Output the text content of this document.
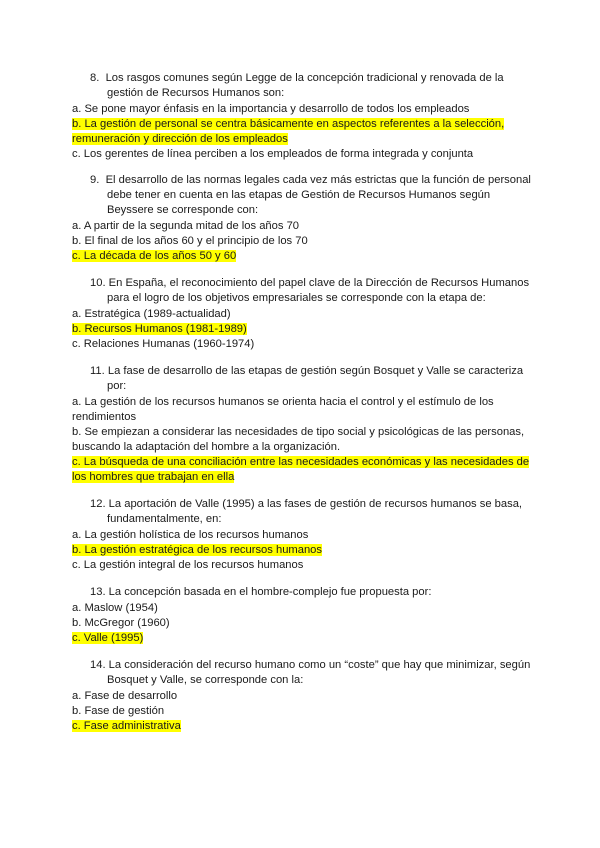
8. Los rasgos comunes según Legge de la concepción tradicional y renovada de la gestión de Recursos Humanos son:
a. Se pone mayor énfasis en la importancia y desarrollo de todos los empleados
b. La gestión de personal se centra básicamente en aspectos referentes a la selección, remuneración y dirección de los empleados
c. Los gerentes de línea perciben a los empleados de forma integrada y conjunta
9. El desarrollo de las normas legales cada vez más estrictas que la función de personal debe tener en cuenta en las etapas de Gestión de Recursos Humanos según Beyssere se corresponde con:
a. A partir de la segunda mitad de los años 70
b. El final de los años 60 y el principio de los 70
c. La década de los años 50 y 60
10. En España, el reconocimiento del papel clave de la Dirección de Recursos Humanos para el logro de los objetivos empresariales se corresponde con la etapa de:
a. Estratégica (1989-actualidad)
b. Recursos Humanos (1981-1989)
c. Relaciones Humanas (1960-1974)
11. La fase de desarrollo de las etapas de gestión según Bosquet y Valle se caracteriza por:
a. La gestión de los recursos humanos se orienta hacia el control y el estímulo de los rendimientos
b. Se empiezan a considerar las necesidades de tipo social y psicológicas de las personas, buscando la adaptación del hombre a la organización.
c. La búsqueda de una conciliación entre las necesidades económicas y las necesidades de los hombres que trabajan en ella
12. La aportación de Valle (1995) a las fases de gestión de recursos humanos se basa, fundamentalmente, en:
a. La gestión holística de los recursos humanos
b. La gestión estratégica de los recursos humanos
c. La gestión integral de los recursos humanos
13. La concepción basada en el hombre-complejo fue propuesta por:
a. Maslow (1954)
b. McGregor (1960)
c. Valle (1995)
14. La consideración del recurso humano como un “coste” que hay que minimizar, según Bosquet y Valle, se corresponde con la:
a. Fase de desarrollo
b. Fase de gestión
c. Fase administrativa
